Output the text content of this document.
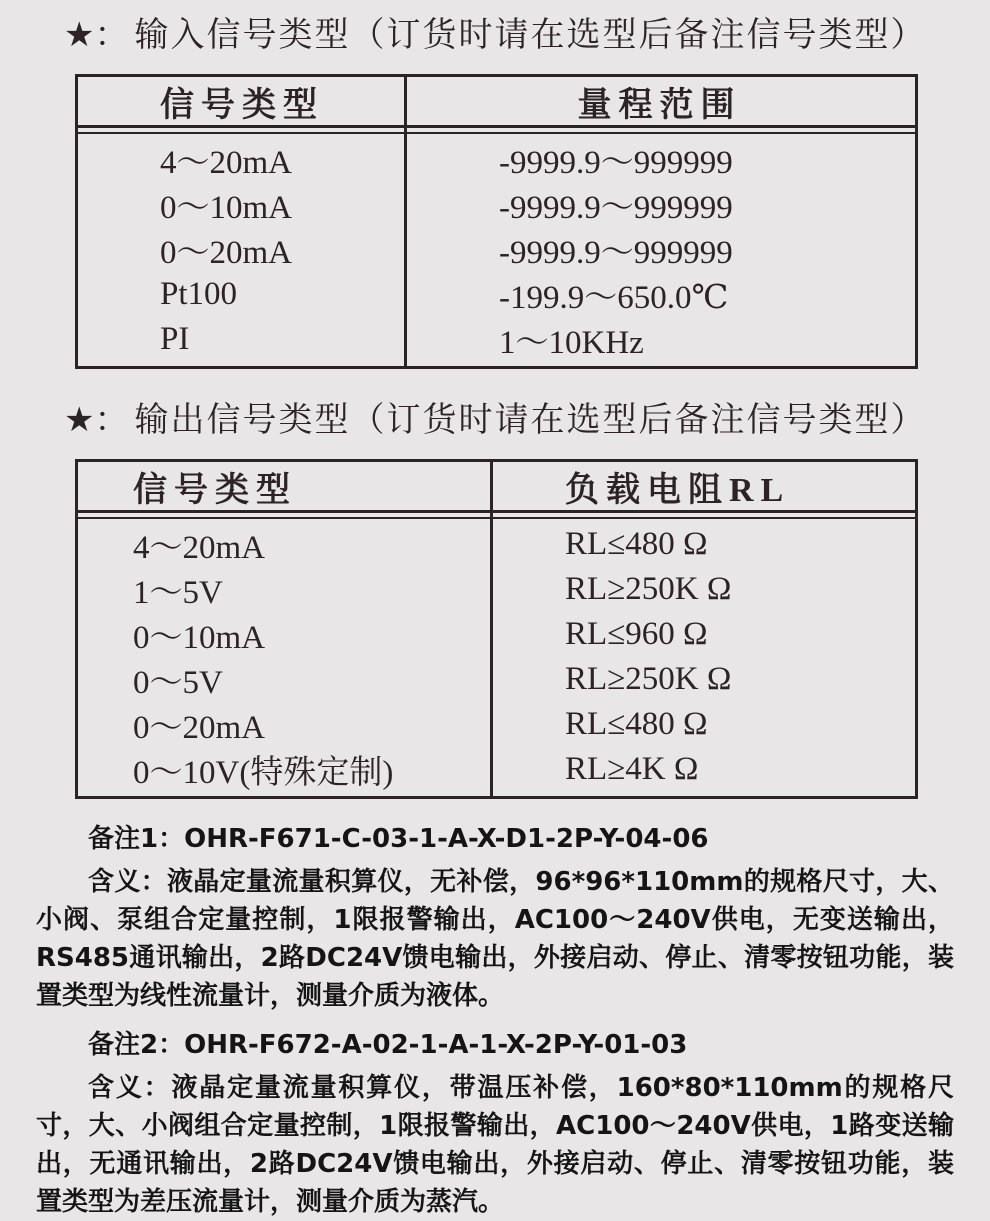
★： 输入信号类型（订货时请在选型后备注信号类型）
信号类型	量程范围
4～20mA	-9999.9～999999
0～10mA	-9999.9～999999
0～20mA	-9999.9～999999
Pt100	-199.9～650.0℃
PI	1～10KHz
★： 输出信号类型（订货时请在选型后备注信号类型）
信号类型	负载电阻RL
4～20mA	RL≤480 Ω
1～5V	RL≥250K Ω
0～10mA	RL≤960 Ω
0～5V	RL≥250K Ω
0～20mA	RL≤480 Ω
0～10V(特殊定制)	RL≥4K Ω

备注1：OHR-F671-C-03-1-A-X-D1-2P-Y-04-06

含义：液晶定量流量积算仪，无补偿，96*96*110mm的规格尺寸，大、小阀、泵组合定量控制，1限报警输出，AC100～240V供电，无变送输出，RS485通讯输出，2路DC24V馈电输出，外接启动、停止、清零按钮功能，装置类型为线性流量计，测量介质为液体。

备注2：OHR-F672-A-02-1-A-1-X-2P-Y-01-03

含义：液晶定量流量积算仪，带温压补偿，160*80*110mm的规格尺寸，大、小阀组合定量控制，1限报警输出，AC100～240V供电，1路变送输出，无通讯输出，2路DC24V馈电输出，外接启动、停止、清零按钮功能，装置类型为差压流量计，测量介质为蒸汽。
